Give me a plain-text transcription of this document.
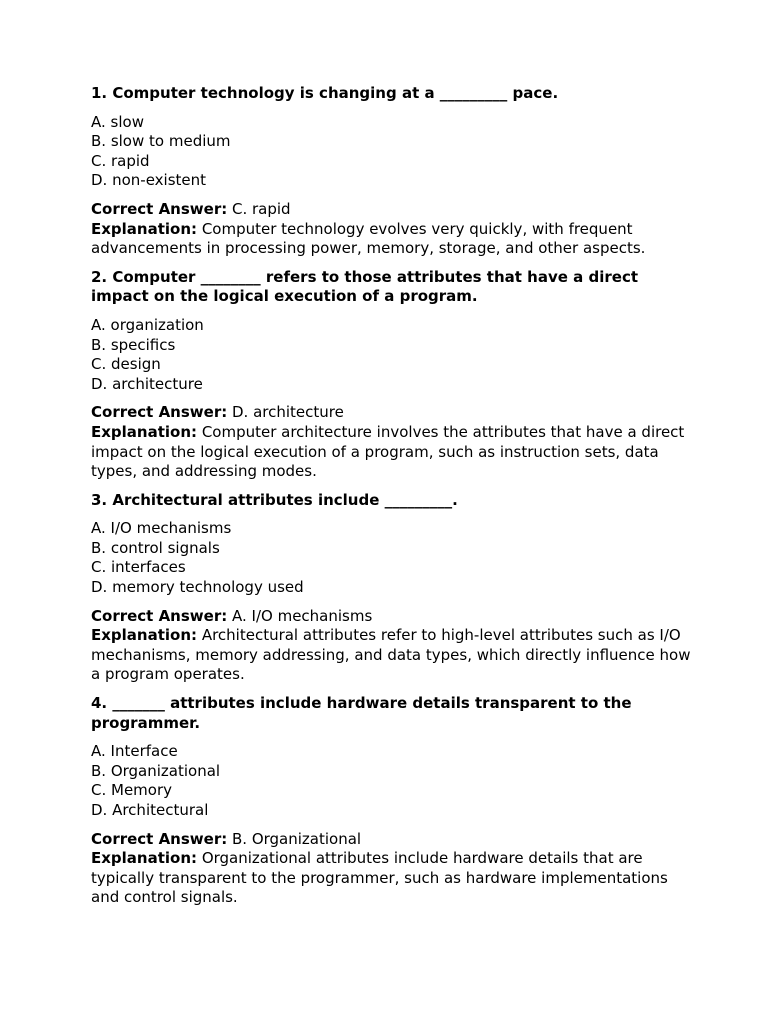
1. Computer technology is changing at a _________ pace.

A. slow
B. slow to medium
C. rapid
D. non-existent

Correct Answer: C. rapid

Explanation: Computer technology evolves very quickly, with frequent advancements in processing power, memory, storage, and other aspects.

2. Computer ________ refers to those attributes that have a direct impact on the logical execution of a program.

A. organization
B. specifics
C. design
D. architecture

Correct Answer: D. architecture

Explanation: Computer architecture involves the attributes that have a direct impact on the logical execution of a program, such as instruction sets, data types, and addressing modes.

3. Architectural attributes include _________.

A. I/O mechanisms
B. control signals
C. interfaces
D. memory technology used

Correct Answer: A. I/O mechanisms

Explanation: Architectural attributes refer to high-level attributes such as I/O mechanisms, memory addressing, and data types, which directly influence how a program operates.

4. _______ attributes include hardware details transparent to the programmer.

A. Interface
B. Organizational
C. Memory
D. Architectural

Correct Answer: B. Organizational

Explanation: Organizational attributes include hardware details that are typically transparent to the programmer, such as hardware implementations and control signals.
